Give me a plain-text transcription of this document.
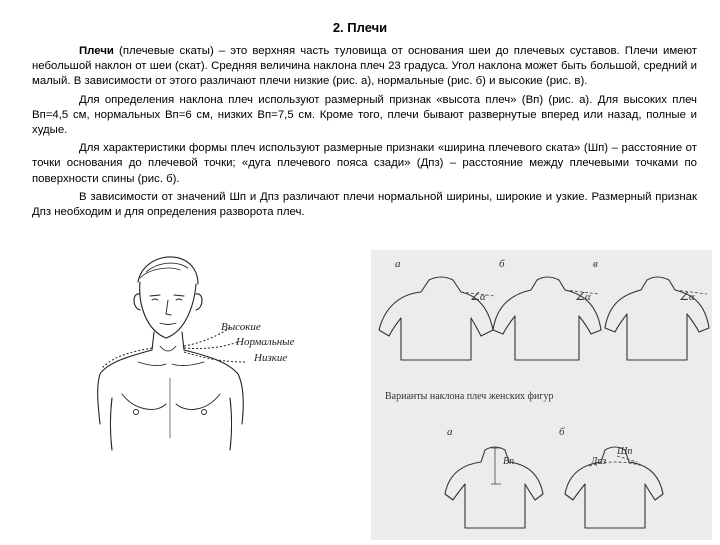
2. Плечи

Плечи (плечевые скаты) – это верхняя часть туловища от основания шеи до плечевых суставов. Плечи имеют небольшой наклон от шеи (скат). Средняя величина наклона плеч 23 градуса. Угол наклона может быть большой, средний и малый. В зависимости от этого различают плечи низкие (рис. а), нормальные (рис. б) и высокие (рис. в).

Для определения наклона плеч используют размерный признак «высота плеч» (Вп) (рис. а). Для высоких плеч Вп=4,5 см, нормальных Вп=6 см, низких Вп=7,5 см. Кроме того, плечи бывают развернутые вперед или назад, полные и худые.

Для характеристики формы плеч используют размерные признаки «ширина плечевого ската» (Шп) – расстояние от точки основания до плечевой точки; «дуга плечевого пояса сзади» (Дпз) – расстояние между плечевыми точками по поверхности спины (рис. б).

В зависимости от значений Шп и Дпз различают плечи нормальной ширины, широкие и узкие. Размерный признак Дпз необходим и для определения разворота плеч.

Высокие
Нормальные
Низкие
а	б	в
∠α	∠α	∠α
Варианты наклона плеч женских фигур
а	б
Вп
Шп
Дпз
